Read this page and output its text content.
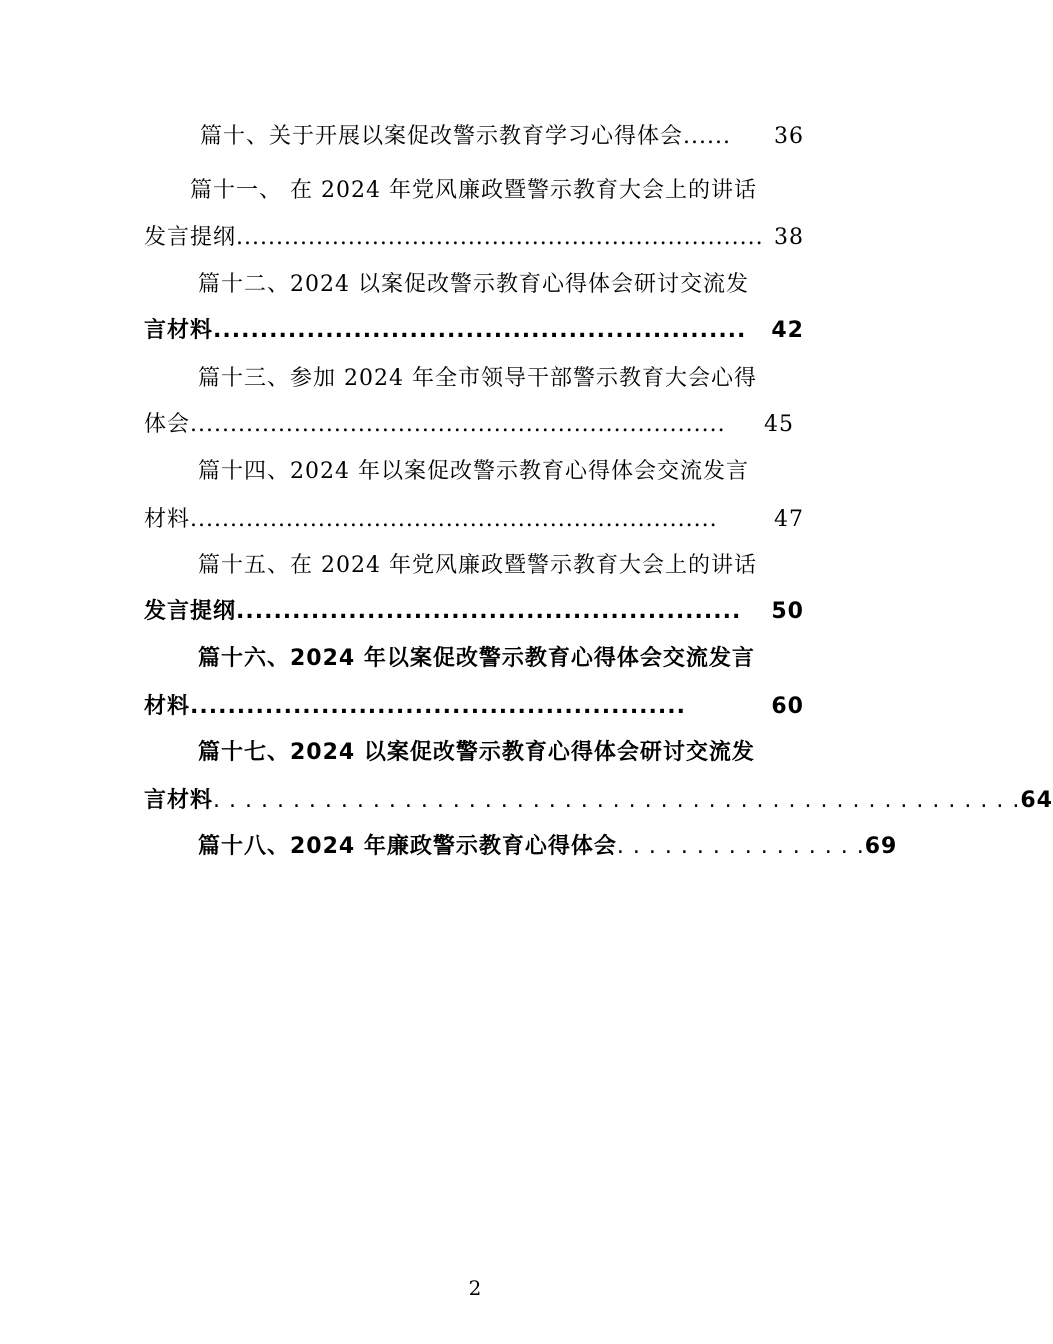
篇十、关于开展以案促改警示教育学习心得体会 ......	36
篇十一、 在 2024 年党风廉政暨警示教育大会上的讲话
发言提纲 .................................................................. 38
篇十二、2024 以案促改警示教育心得体会研讨交流发
言材料 .........................................................	42
篇十三、参加 2024 年全市领导干部警示教育大会心得
体会 ...................................................................	45
篇十四、2024 年以案促改警示教育心得体会交流发言
材料 ..................................................................	47
篇十五、在 2024 年党风廉政暨警示教育大会上的讲话
发言提纲 ......................................................	50
篇十六、2024 年以案促改警示教育心得体会交流发言
材料 .....................................................	60
篇十七、2024 以案促改警示教育心得体会研讨交流发
言材料 . . . . . . . . . . . . . . . . . . . . . . . . . . . . . . . . . . . . . . . . . . . . . . . . . . . 64
篇十八、2024 年廉政警示教育心得体会 . . . . . . . . . . . . . . . . 69
2
